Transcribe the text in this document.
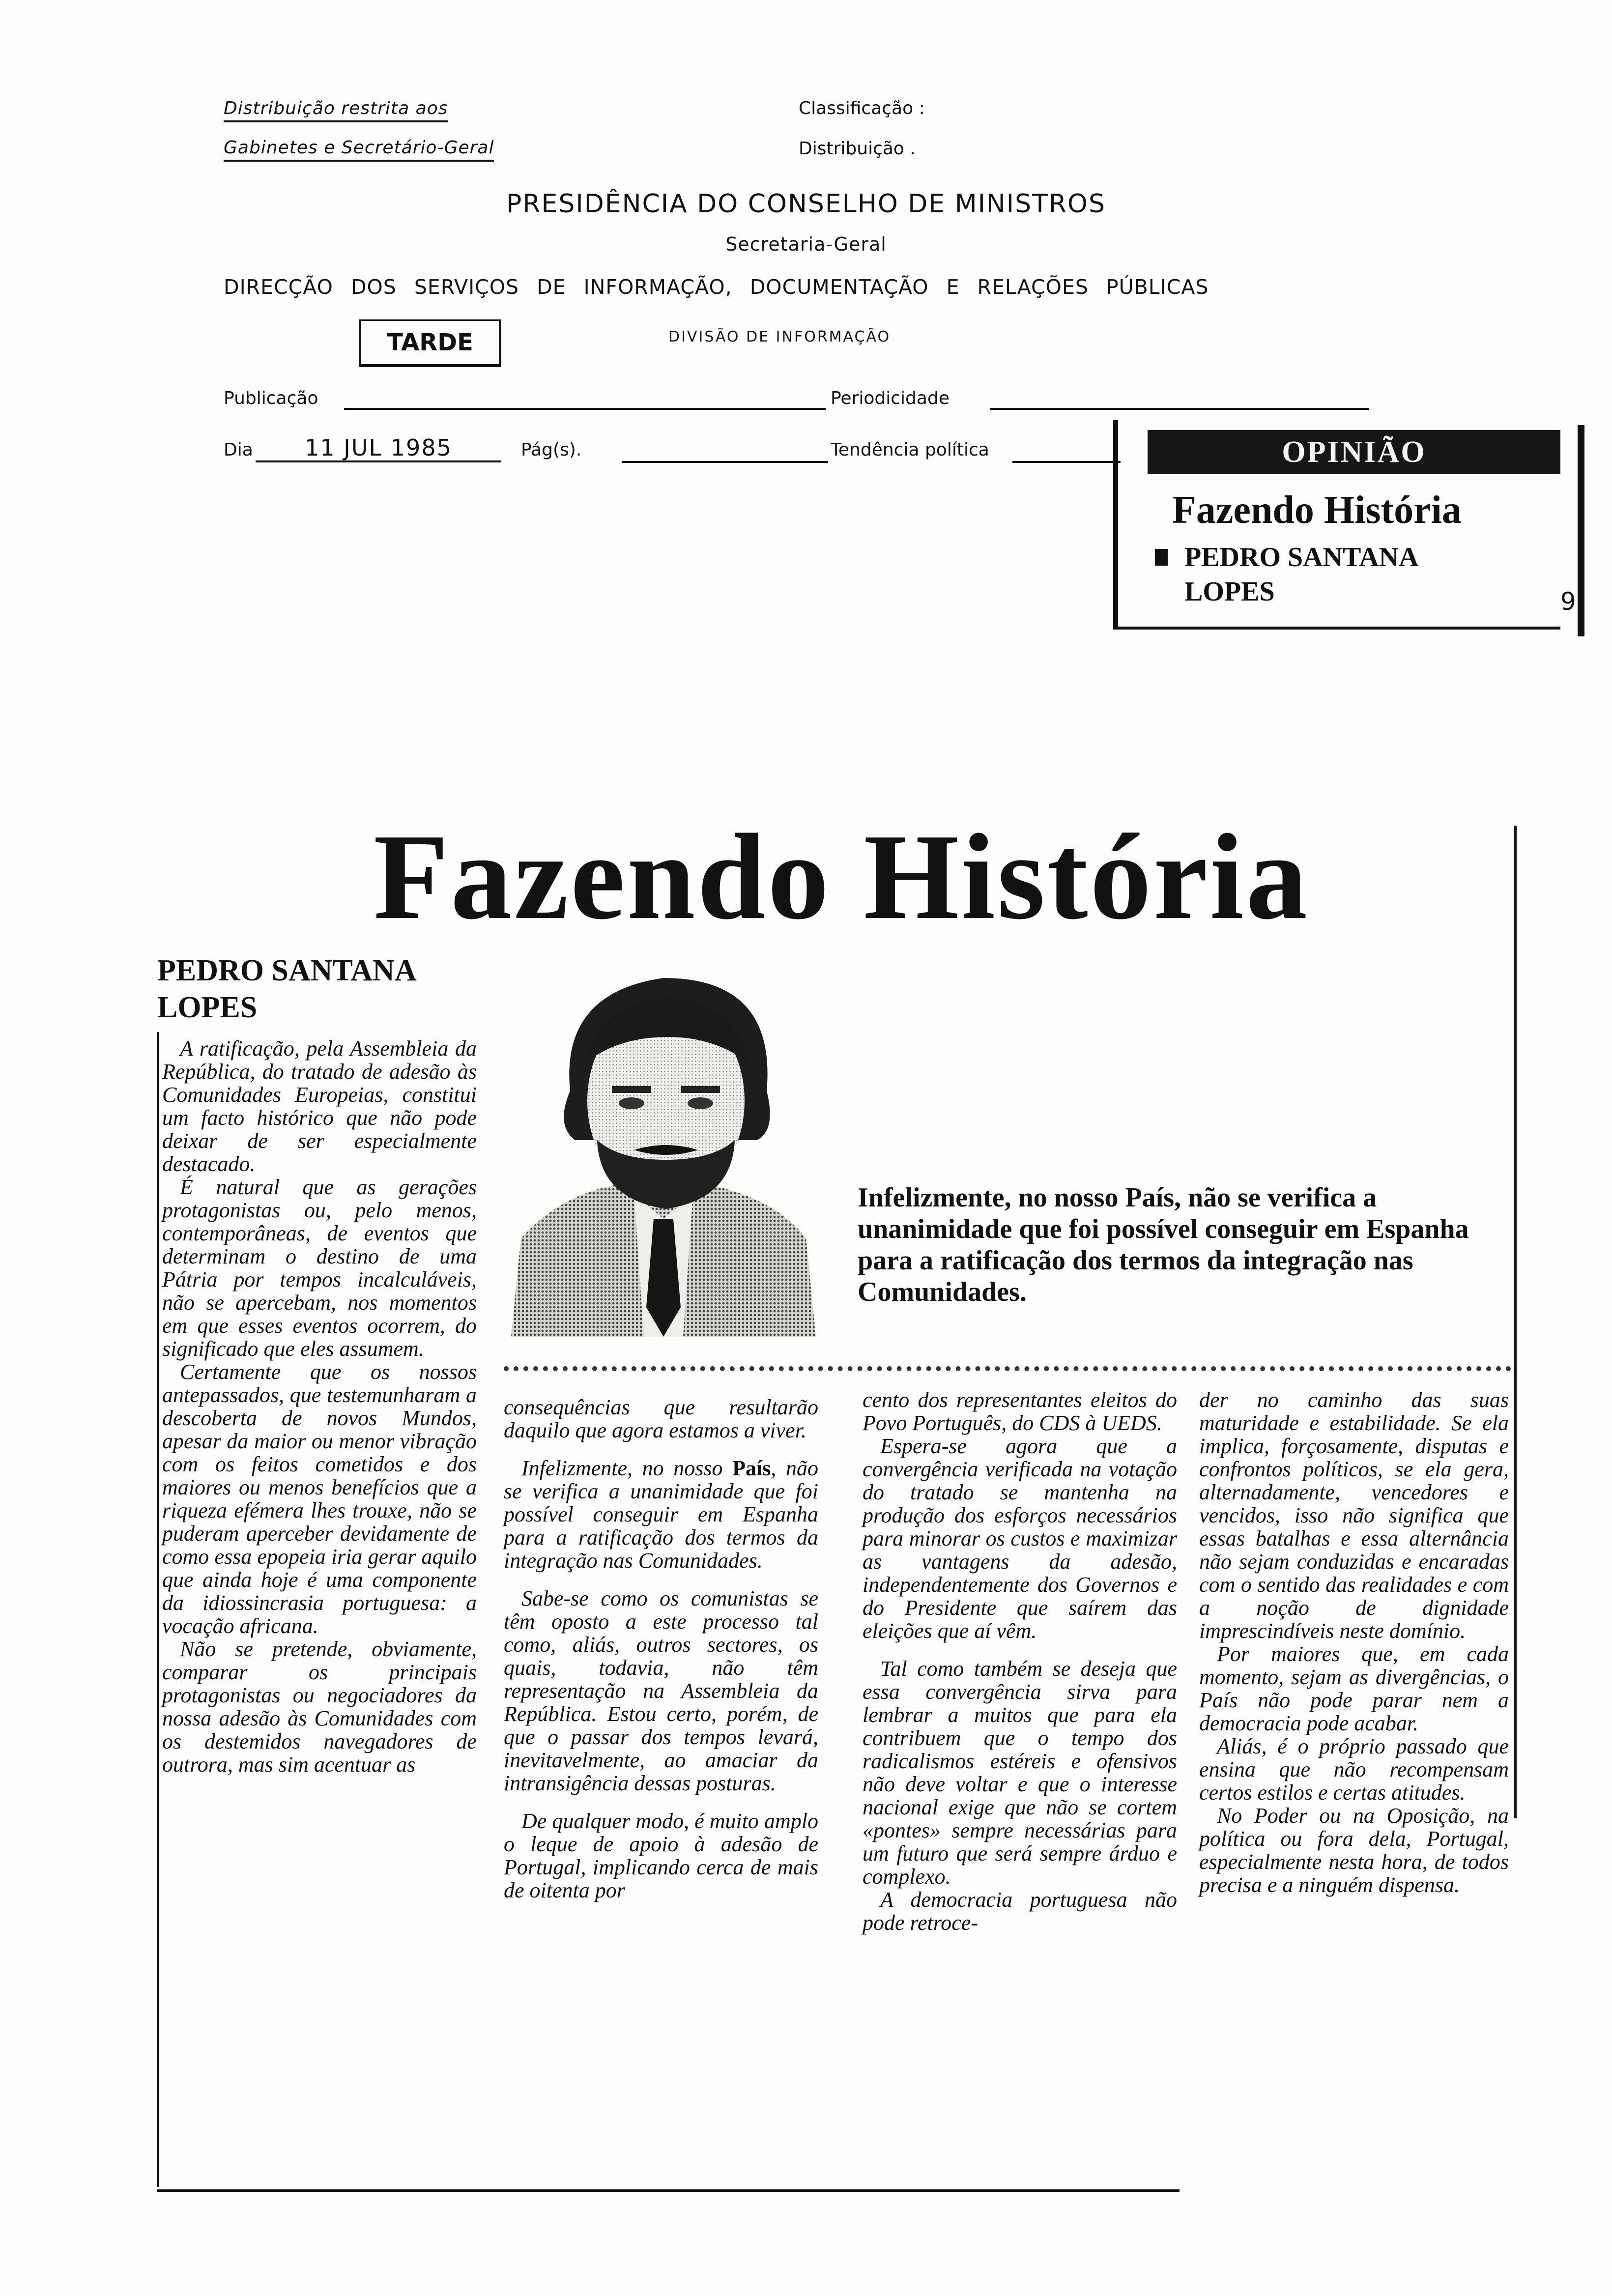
Distribuição restrita aos
Gabinetes e Secretário-Geral
Classificação :
Distribuição .
PRESIDÊNCIA DO CONSELHO DE MINISTROS
Secretaria-Geral
DIRECÇÃO DOS SERVIÇOS DE INFORMAÇÃO, DOCUMENTAÇÃO E RELAÇÕES PÚBLICAS
TARDE	DIVISÃO DE INFORMAÇÃO
Publicação	Periodicidade
Dia	11 JUL 1985	Pág(s).	Tendência política	OPINIÃO
Fazendo História
PEDRO SANTANA
LOPES	9
Fazendo História
PEDRO SANTANA
LOPES

A ratificação, pela Assembleia da República, do tratado de adesão às Comunidades Europeias, constitui um facto histórico que não pode deixar de ser especialmente destacado.

É natural que as gerações protagonistas ou, pelo menos, contemporâneas, de eventos que determinam o destino de uma Pátria por tempos incalculáveis, não se apercebam, nos momentos em que esses eventos ocorrem, do significado que eles assumem.

Certamente que os nossos antepassados, que testemunharam a descoberta de novos Mundos, apesar da maior ou menor vibração com os feitos cometidos e dos maiores ou menos benefícios que a riqueza efémera lhes trouxe, não se puderam aperceber devidamente de como essa epopeia iria gerar aquilo que ainda hoje é uma componente da idiossincrasia portuguesa: a vocação africana.

Não se pretende, obviamente, comparar os principais protagonistas ou negociadores da nossa adesão às Comunidades com os destemidos navegadores de outrora, mas sim acentuar as

Infelizmente, no nosso País, não se verifica a unanimidade que foi possível conseguir em Espanha para a ratificação dos termos da integração nas Comunidades.

consequências que resultarão daquilo que agora estamos a viver.

Infelizmente, no nosso País, não se verifica a unanimidade que foi possível conseguir em Espanha para a ratificação dos termos da integração nas Comunidades.

Sabe-se como os comunistas se têm oposto a este processo tal como, aliás, outros sectores, os quais, todavia, não têm representação na Assembleia da República. Estou certo, porém, de que o passar dos tempos levará, inevitavelmente, ao amaciar da intransigência dessas posturas.

De qualquer modo, é muito amplo o leque de apoio à adesão de Portugal, implicando cerca de mais de oitenta por

cento dos representantes eleitos do Povo Português, do CDS à UEDS.

Espera-se agora que a convergência verificada na votação do tratado se mantenha na produção dos esforços necessários para minorar os custos e maximizar as vantagens da adesão, independentemente dos Governos e do Presidente que saírem das eleições que aí vêm.

Tal como também se deseja que essa convergência sirva para lembrar a muitos que para ela contribuem que o tempo dos radicalismos estéreis e ofensivos não deve voltar e que o interesse nacional exige que não se cortem «pontes» sempre necessárias para um futuro que será sempre árduo e complexo.

A democracia portuguesa não pode retroce-

der no caminho das suas maturidade e estabilidade. Se ela implica, forçosamente, disputas e confrontos políticos, se ela gera, alternadamente, vencedores e vencidos, isso não significa que essas batalhas e essa alternância não sejam conduzidas e encaradas com o sentido das realidades e com a noção de dignidade imprescindíveis neste domínio.

Por maiores que, em cada momento, sejam as divergências, o País não pode parar nem a democracia pode acabar.

Aliás, é o próprio passado que ensina que não recompensam certos estilos e certas atitudes.

No Poder ou na Oposição, na política ou fora dela, Portugal, especialmente nesta hora, de todos precisa e a ninguém dispensa.
